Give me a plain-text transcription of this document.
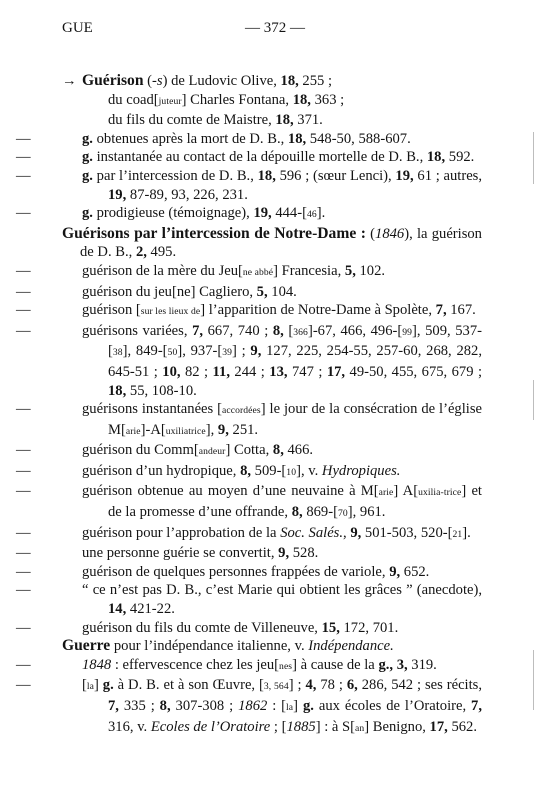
GUE	— 372 —

→ Guérison (-s) de Ludovic Olive, 18, 255 ;

du coad[juteur] Charles Fontana, 18, 363 ;

du fils du comte de Maistre, 18, 371.

—	g. obtenues après la mort de D. B., 18, 548-50, 588-607.

—	g. instantanée au contact de la dépouille mortelle de D. B., 18, 592.

—	g. par l’intercession de D. B., 18, 596 ; (sœur Lenci), 19, 61 ; autres, 19, 87-89, 93, 226, 231.

—	g. prodigieuse (témoignage), 19, 444-[46].

Guérisons par l’intercession de Notre-Dame : (1846), la guérison de D. B., 2, 495.

—	guérison de la mère du Jeu[ne abbé] Francesia, 5, 102.

—	guérison du jeu[ne] Cagliero, 5, 104.

—	guérison [sur les lieux de] l’apparition de Notre-Dame à Spolète, 7, 167.

—	guérisons variées, 7, 667, 740 ; 8, [366]-67, 466, 496-[99], 509, 537-[38], 849-[50], 937-[39] ; 9, 127, 225, 254-55, 257-60, 268, 282, 645-51 ; 10, 82 ; 11, 244 ; 13, 747 ; 17, 49-50, 455, 675, 679 ; 18, 55, 108-10.

—	guérisons instantanées [accordées] le jour de la consécration de l’église M[arie]-A[uxiliatrice], 9, 251.

—	guérison du Comm[andeur] Cotta, 8, 466.

—	guérison d’un hydropique, 8, 509-[10], v. Hydropiques.

—	guérison obtenue au moyen d’une neuvaine à M[arie] A[uxilia-trice] et de la promesse d’une offrande, 8, 869-[70], 961.

—	guérison pour l’approbation de la Soc. Salés., 9, 501-503, 520-[21].

—	une personne guérie se convertit, 9, 528.

—	guérison de quelques personnes frappées de variole, 9, 652.

—	“ ce n’est pas D. B., c’est Marie qui obtient les grâces ” (anecdote), 14, 421-22.

—	guérison du fils du comte de Villeneuve, 15, 172, 701.

Guerre pour l’indépendance italienne, v. Indépendance.

—	1848 : effervescence chez les jeu[nes] à cause de la g., 3, 319.

—	[la] g. à D. B. et à son Œuvre, [3, 564] ; 4, 78 ; 6, 286, 542 ; ses récits, 7, 335 ; 8, 307-308 ; 1862 : [la] g. aux écoles de l’Oratoire, 7, 316, v. Ecoles de l’Oratoire ; [1885] : à S[an] Benigno, 17, 562.
